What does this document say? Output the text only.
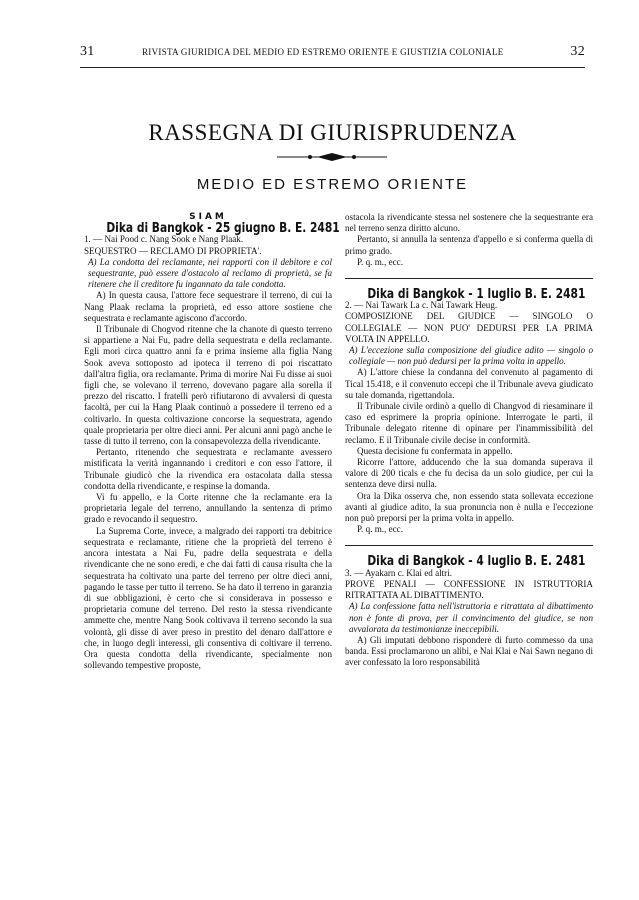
31	RIVISTA GIURIDICA DEL MEDIO ED ESTREMO ORIENTE E GIUSTIZIA COLONIALE	32
RASSEGNA DI GIURISPRUDENZA
MEDIO ED ESTREMO ORIENTE

SIAM

Dika di Bangkok - 25 giugno B. E. 2481

1. — Nai Pood c. Nang Sook e Nang Plaak.

SEQUESTRO — RECLAMO DI PROPRIETA'.

A) La condotta del reclamante, nei rapporti con il debitore e col sequestrante, può essere d'ostacolo al reclamo di proprietà, se fa ritenere che il creditore fu ingannato da tale condotta.

A) In questa causa, l'attore fece sequestrare il terreno, di cui la Nang Plaak reclama la proprietà, ed esso attore sostiene che sequestrata e reclamante agiscono d'accordo.

Il Tribunale di Chogvod ritenne che la chanote di questo terreno si appartiene a Nai Fu, padre della sequestrata e della reclamante. Egli morì circa quattro anni fa e prima insieme alla figlia Nang Sook aveva sottoposto ad ipoteca il terreno di poi riscattato dall'altra figlia, ora reclamante. Prima di morire Nai Fu disse ai suoi figli che, se volevano il terreno, dovevano pagare alla sorella il prezzo del riscatto. I fratelli però rifiutarono di avvalersi di questa facoltà, per cui la Hang Plaak continuò a possedere il terreno ed a coltivarlo. In questa coltivazione concorse la sequestrata, agendo quale proprietaria per oltre dieci anni. Per alcuni anni pagò anche le tasse di tutto il terreno, con la consapevolezza della rivendicante.

Pertanto, ritenendo che sequestrata e reclamante avessero mistificata la verità ingannando i creditori e con esso l'attore, il Tribunale giudicò che la rivendica era ostacolata dalla stessa condotta della rivendicante, e respinse la domanda.

Vi fu appello, e la Corte ritenne che la reclamante era la proprietaria legale del terreno, annullando la sentenza di primo grado e revocando il sequestro.

La Suprema Corte, invece, a malgrado dei rapporti tra debitrice sequestrata e reclamante, ritiene che la proprietà del terreno è ancora intestata a Nai Fu, padre della sequestrata e della rivendicante che ne sono eredi, e che dai fatti di causa risulta che la sequestrata ha coltivato una parte del terreno per oltre dieci anni, pagando le tasse per tutto il terreno. Se ha dato il terreno in garanzia di sue obbligazioni, è certo che si considerava in possesso e proprietaria comune del terreno. Del resto la stessa rivendicante ammette che, mentre Nang Sook coltivava il terreno secondo la sua volontà, gli disse di aver preso in prestito del denaro dall'attore e che, in luogo degli interessi, gli consentiva di coltivare il terreno. Ora questa condotta della rivendicante, specialmente non sollevando tempestive proposte,

ostacola la rivendicante stessa nel sostenere che la sequestrante era nel terreno senza diritto alcuno.

Pertanto, si annulla la sentenza d'appello e si conferma quella di primo grado.

P. q. m., ecc.

Dika di Bangkok - 1 luglio B. E. 2481

2. — Nai Tawark La c. Nai Tawark Heug.

COMPOSIZIONE DEL GIUDICE — SINGOLO O COLLEGIALE — NON PUO' DEDURSI PER LA PRIMA VOLTA IN APPELLO.

A) L'eccezione sulla composizione del giudice adito — singolo o collegiale — non può dedursi per la prima volta in appello.

A) L'attore chiese la condanna del convenuto al pagamento di Tical 15.418, e il convenuto eccepì che il Tribunale aveva giudicato su tale domanda, rigettandola.

Il Tribunale civile ordinò a quello di Changvod di riesaminare il caso ed esprimere la propria opinione. Interrogate le parti, il Tribunale delegato ritenne di opinare per l'inammissibilità del reclamo. E il Tribunale civile decise in conformità.

Questa decisione fu confermata in appello.

Ricorre l'attore, adducendo che la sua domanda superava il valore di 200 ticals e che fu decisa da un solo giudice, per cui la sentenza deve dirsi nulla.

Ora la Dika osserva che, non essendo stata sollevata eccezione avanti al giudice adito, la sua pronuncia non è nulla e l'eccezione non può preporsi per la prima volta in appello.

P. q. m., ecc.

Dika di Bangkok - 4 luglio B. E. 2481

3. — Ayakarn c. Klai ed altri.

PROVE PENALI — CONFESSIONE IN ISTRUTTORIA RITRATTATA AL DIBATTIMENTO.

A) La confessione fatta nell'istruttoria e ritrattata al dibattimento non è fonte di prova, per il convincimento del giudice, se non avvalorata da testimonianze ineccepibili.

A) Gli imputati debbono rispondere di furto commesso da una banda. Essi proclamarono un alibi, e Nai Klai e Nai Sawn negano di aver confessato la loro responsabilità
